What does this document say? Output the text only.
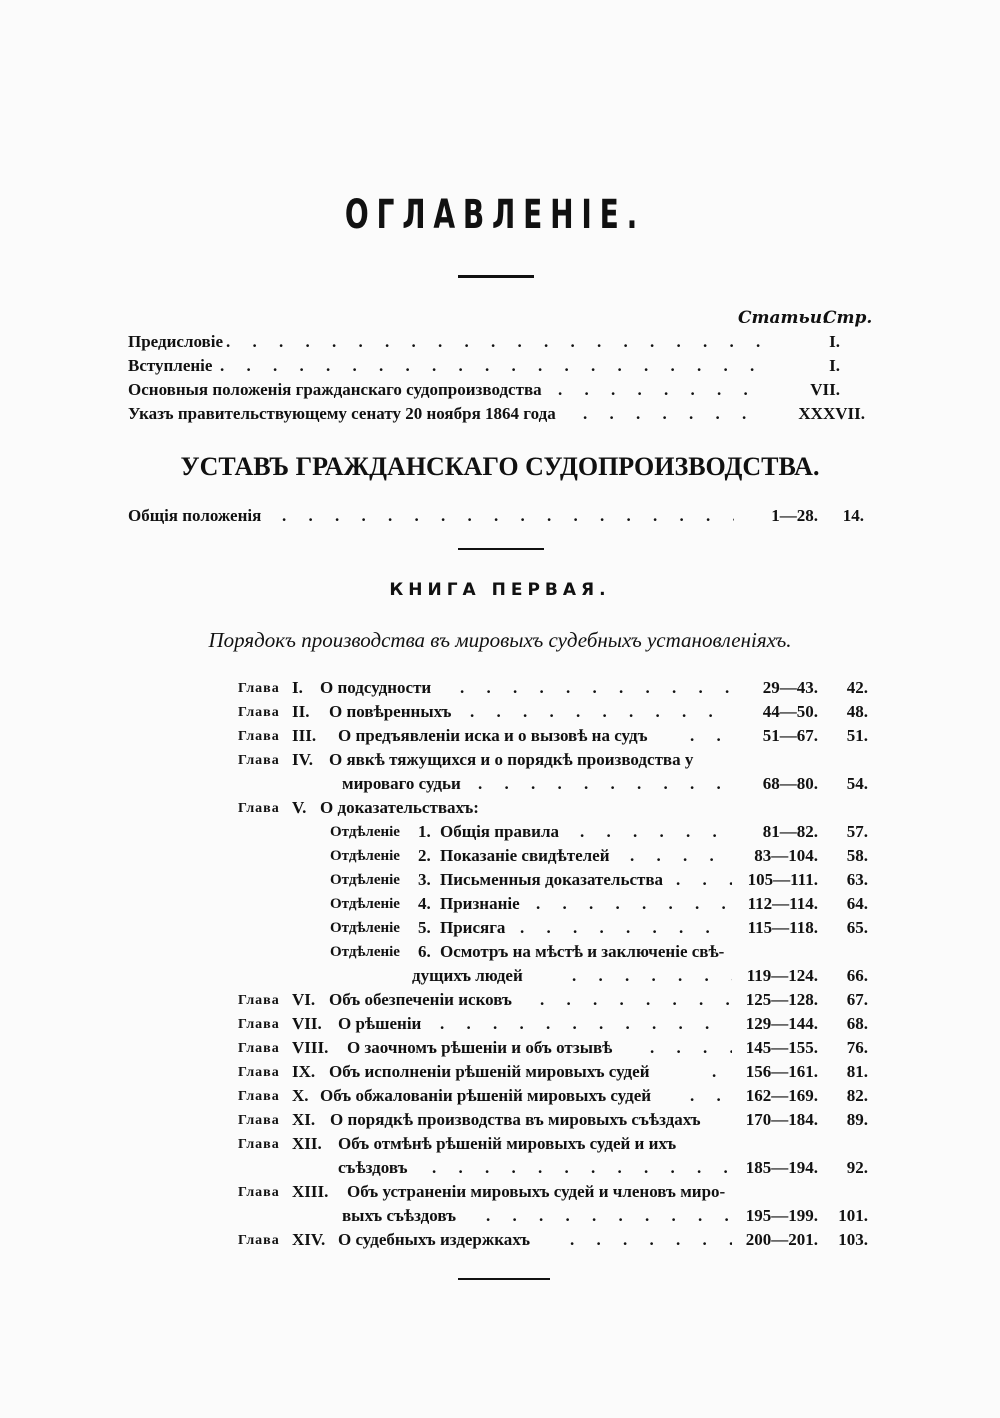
ОГЛАВЛЕНІЕ.
Статьи.
Стр.
Предисловіе . . .	I.
Вступленіе . . .	I.
Основныя положенія гражданскаго судопроизводства . . .	VII.
Указъ правительствующему сенату 20 ноября 1864 года . . .	XXXVII.
УСТАВЪ ГРАЖДАНСКАГО СУДОПРОИЗВОДСТВА.
Общія положенія . . .	1—28.	14.
КНИГА ПЕРВАЯ.
Порядокъ производства въ мировыхъ судебныхъ установленіяхъ.
Глава I. О подсудности . . .	29—43.	42.
Глава II. О повѣренныхъ . . .	44—50.	48.
Глава III. О предъявленіи иска и о вызовѣ на судъ . . .	51—67.	51.
Глава IV. О явкѣ тяжущихся и о порядкѣ производства у
мироваго судьи . . .	68—80.	54.
Глава V. О доказательствахъ:
Отдѣленіе 1. Общія правила . . .	81—82.	57.
Отдѣленіе 2. Показаніе свидѣтелей . . .	83—104.	58.
Отдѣленіе 3. Письменныя доказательства . . .	105—111.	63.
Отдѣленіе 4. Признаніе . . .	112—114.	64.
Отдѣленіе 5. Присяга . . .	115—118.	65.
Отдѣленіе 6. Осмотръ на мѣстѣ и заключеніе свѣ-
дущихъ людей . . .	119—124.	66.
Глава VI. Объ обезпеченіи исковъ . . .	125—128.	67.
Глава VII. О рѣшеніи . . .	129—144.	68.
Глава VIII. О заочномъ рѣшеніи и объ отзывѣ . . .	145—155.	76.
Глава IX. Объ исполненіи рѣшеній мировыхъ судей . . .	156—161.	81.
Глава X. Объ обжалованіи рѣшеній мировыхъ судей . . .	162—169.	82.
Глава XI. О порядкѣ производства въ мировыхъ съѣздахъ	170—184.	89.
Глава XII. Объ отмѣнѣ рѣшеній мировыхъ судей и ихъ
съѣздовъ . . .	185—194.	92.
Глава XIII. Объ устраненіи мировыхъ судей и членовъ миро-
выхъ съѣздовъ . . .	195—199.	101.
Глава XIV. О судебныхъ издержкахъ . . .	200—201.	103.
